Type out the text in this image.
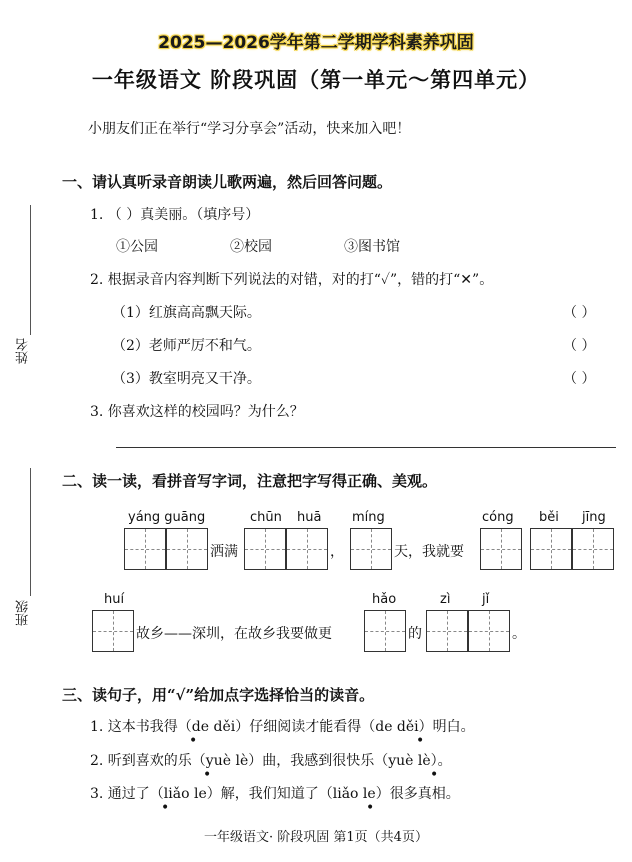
2025—2026学年第二学期学科素养巩固
一年级语文 阶段巩固（第一单元～第四单元）
小朋友们正在举行“学习分享会”活动，快来加入吧！
姓名
班级
一、请认真听录音朗读儿歌两遍，然后回答问题。
1. （ ）真美丽。（填序号）
①公园	②校园	③图书馆
2. 根据录音内容判断下列说法的对错，对的打“✓”，错的打“✕”。
（1）红旗高高飘天际。	（ ）
（2）老师严厉不和气。	（ ）
（3）教室明亮又干净。	（ ）
3. 你喜欢这样的校园吗？为什么？
二、读一读，看拼音写字词，注意把字写得正确、美观。
yáng guāng	chūn huā míng	cóng běi jīng
洒满	，	天，我就要
huí	hǎo	zì jǐ
故乡——深圳，在故乡我要做更	的	。
三、读句子，用“√”给加点字选择恰当的读音。
1. 这本书我得（de děi）仔细阅读才能看得（de děi）明白。
•	•
2. 听到喜欢的乐（yuè lè）曲，我感到很快乐（yuè lè）。
•	•
3. 通过了（liǎo le）解，我们知道了（liǎo le）很多真相。
•	•
一年级语文· 阶段巩固 第1页（共4页）
